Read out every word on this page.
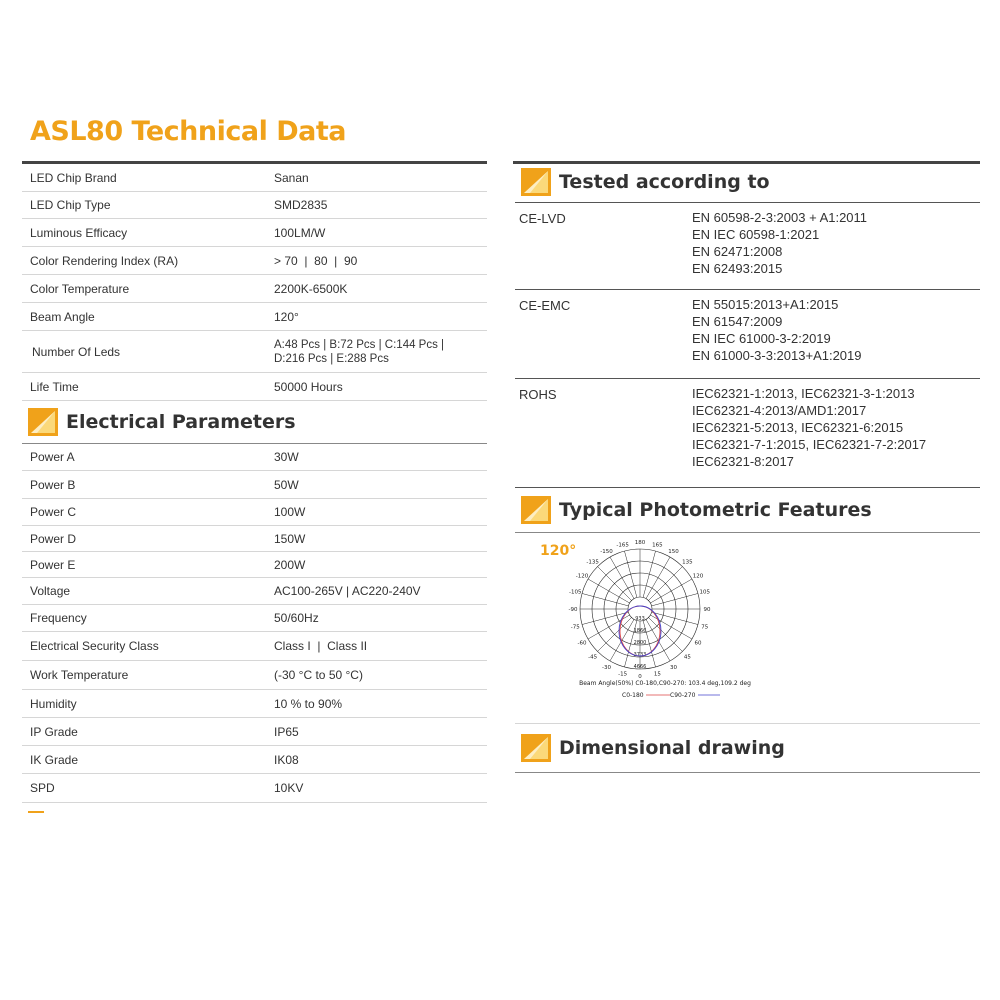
ASL80 Technical Data
LED Chip Brand	Sanan
LED Chip Type	SMD2835
Luminous Efficacy	100LM/W
Color Rendering Index (RA)	> 70  |  80  |  90
Color Temperature	2200K-6500K
Beam Angle	120°
Number Of Leds	A:48 Pcs | B:72 Pcs | C:144 Pcs |
D:216 Pcs | E:288 Pcs
Life Time	50000 Hours
Electrical Parameters
Power A	30W
Power B	50W
Power C	100W
Power D	150W
Power E	200W
Voltage	AC100-265V | AC220-240V
Frequency	50/60Hz
Electrical Security Class	Class I  |  Class II
Work Temperature	(-30 °C to 50 °C)
Humidity	10 % to 90%
IP Grade	IP65
IK Grade	IK08
SPD	10KV
Tested according to
CE-LVD	EN 60598-2-3:2003 + A1:2011
EN IEC 60598-1:2021
EN 62471:2008
EN 62493:2015
CE-EMC	EN 55015:2013+A1:2015
EN 61547:2009
EN IEC 61000-3-2:2019
EN 61000-3-3:2013+A1:2019
ROHS	IEC62321-1:2013, IEC62321-3-1:2013
IEC62321-4:2013/AMD1:2017
IEC62321-5:2013, IEC62321-6:2015
IEC62321-7-1:2015, IEC62321-7-2:2017
IEC62321-8:2017
Typical Photometric Features
120°	180
-165	165
-150	150
-135	135
-120	120
-105	105
-90	90
-75	75
-60	60
-45	45
-30	30
-15	15
0
933
1866
2800
3733
4666
Beam Angle(50%) C0-180,C90-270: 103.4 deg,109.2 deg
C0-180	C90-270
Dimensional drawing
